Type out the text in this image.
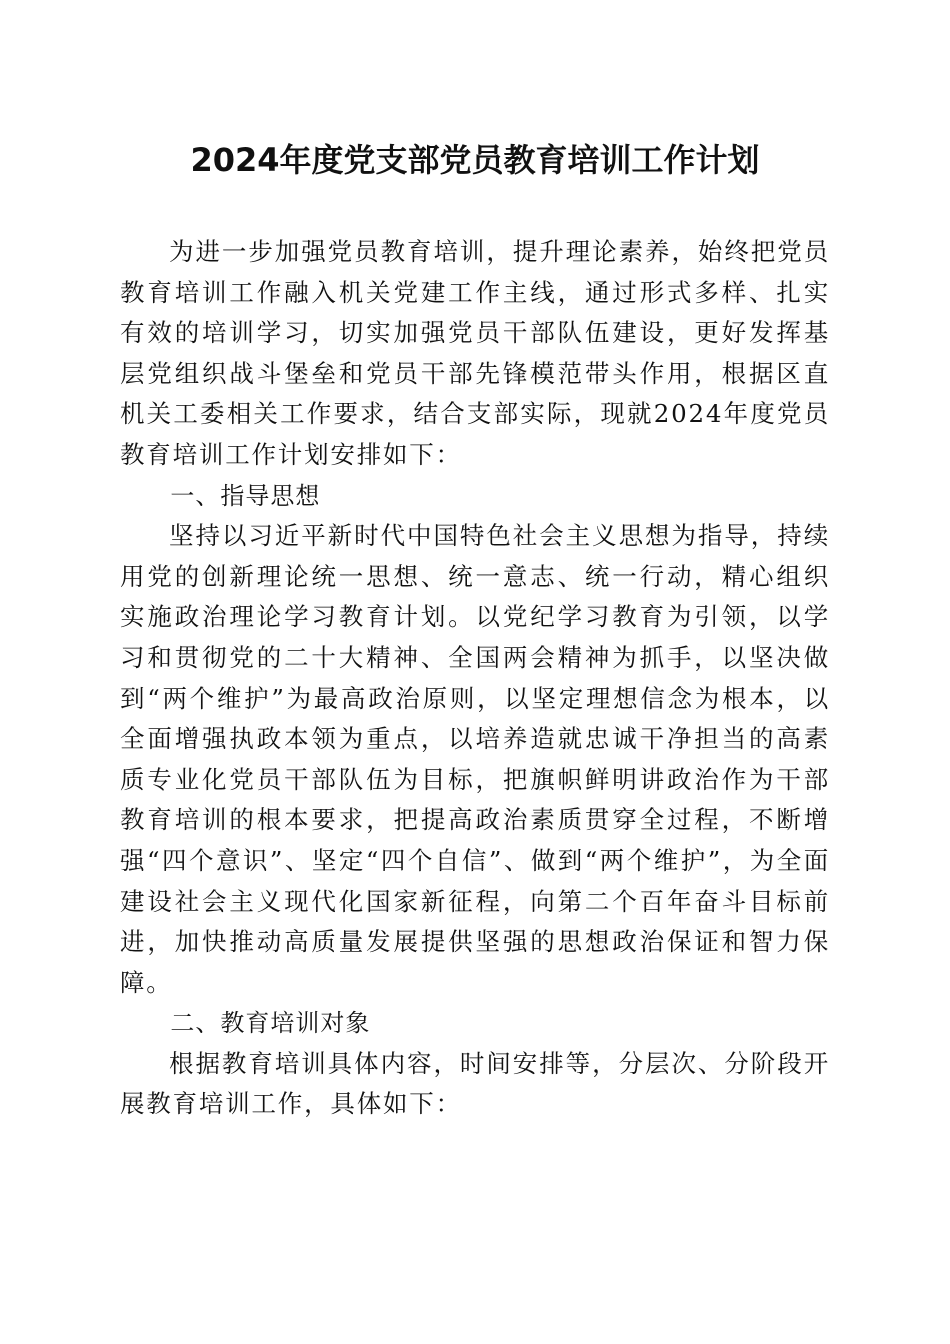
2024年度党支部党员教育培训工作计划

为进一步加强党员教育培训，提升理论素养，始终把党员教育培训工作融入机关党建工作主线，通过形式多样、扎实有效的培训学习，切实加强党员干部队伍建设，更好发挥基层党组织战斗堡垒和党员干部先锋模范带头作用，根据区直机关工委相关工作要求，结合支部实际，现就2024年度党员教育培训工作计划安排如下：

一、指导思想

坚持以习近平新时代中国特色社会主义思想为指导，持续用党的创新理论统一思想、统一意志、统一行动，精心组织实施政治理论学习教育计划。以党纪学习教育为引领，以学习和贯彻党的二十大精神、全国两会精神为抓手，以坚决做到“两个维护”为最高政治原则，以坚定理想信念为根本，以全面增强执政本领为重点，以培养造就忠诚干净担当的高素质专业化党员干部队伍为目标，把旗帜鲜明讲政治作为干部教育培训的根本要求，把提高政治素质贯穿全过程，不断增强“四个意识”、坚定“四个自信”、做到“两个维护”，为全面建设社会主义现代化国家新征程，向第二个百年奋斗目标前进，加快推动高质量发展提供坚强的思想政治保证和智力保障。

二、教育培训对象

根据教育培训具体内容，时间安排等，分层次、分阶段开展教育培训工作，具体如下：
